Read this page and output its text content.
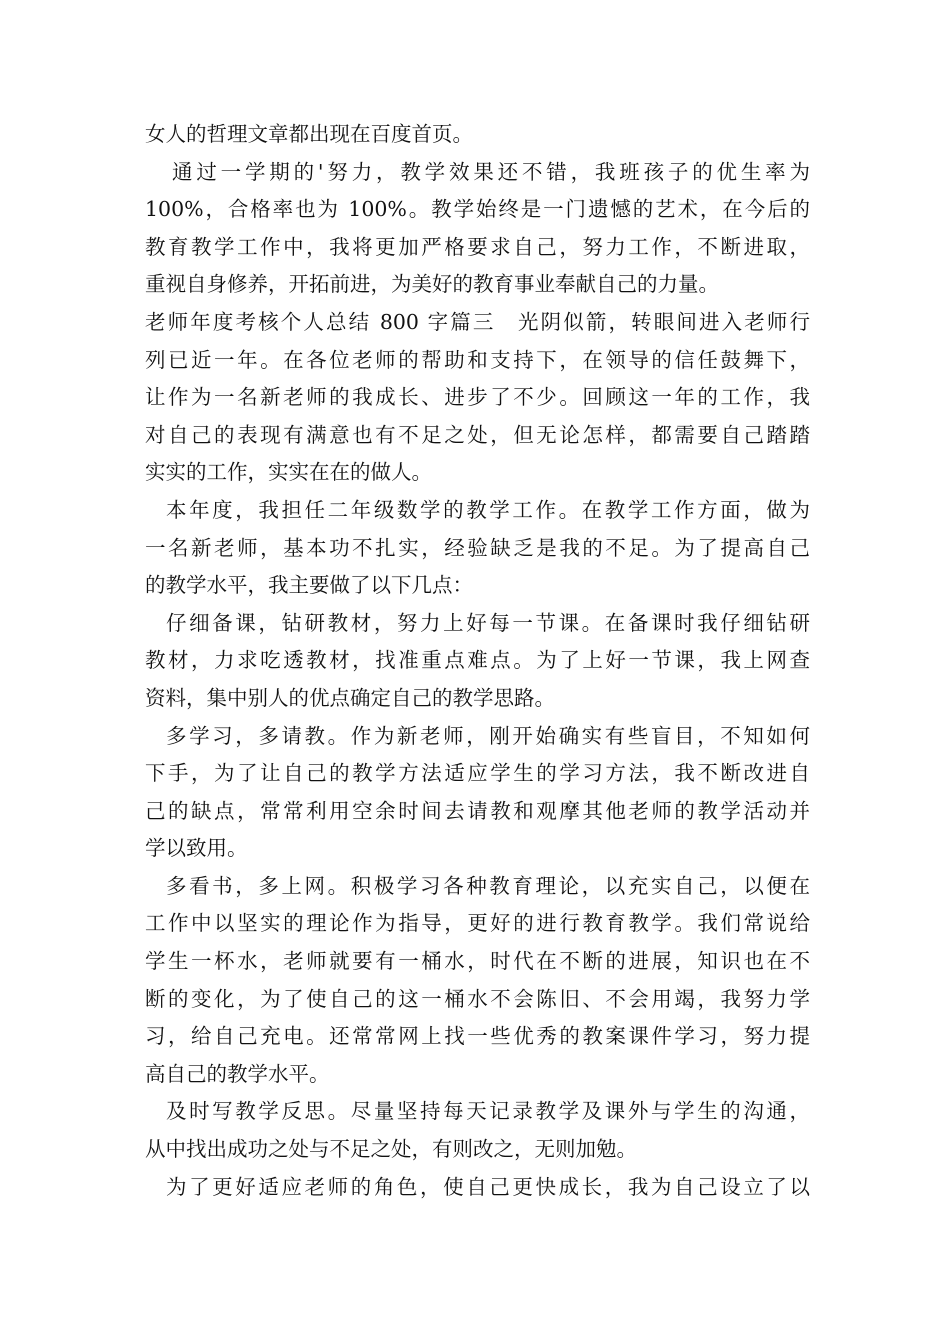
女人的哲理文章都出现在百度首页。

通过一学期的'努力，教学效果还不错，我班孩子的优生率为
100%，合格率也为 100%。教学始终是一门遗憾的艺术，在今后的
教育教学工作中，我将更加严格要求自己，努力工作，不断进取，
重视自身修养，开拓前进，为美好的教育事业奉献自己的力量。

老师年度考核个人总结 800 字篇三　光阴似箭，转眼间进入老师行
列已近一年。在各位老师的帮助和支持下，在领导的信任鼓舞下，
让作为一名新老师的我成长、进步了不少。回顾这一年的工作，我
对自己的表现有满意也有不足之处，但无论怎样，都需要自己踏踏
实实的工作，实实在在的做人。

本年度，我担任二年级数学的教学工作。在教学工作方面，做为
一名新老师，基本功不扎实，经验缺乏是我的不足。为了提高自己
的教学水平，我主要做了以下几点：

仔细备课，钻研教材，努力上好每一节课。在备课时我仔细钻研
教材，力求吃透教材，找准重点难点。为了上好一节课，我上网查
资料，集中别人的优点确定自己的教学思路。

多学习，多请教。作为新老师，刚开始确实有些盲目，不知如何
下手，为了让自己的教学方法适应学生的学习方法，我不断改进自
己的缺点，常常利用空余时间去请教和观摩其他老师的教学活动并
学以致用。

多看书，多上网。积极学习各种教育理论，以充实自己，以便在
工作中以坚实的理论作为指导，更好的进行教育教学。我们常说给
学生一杯水，老师就要有一桶水，时代在不断的进展，知识也在不
断的变化，为了使自己的这一桶水不会陈旧、不会用竭，我努力学
习，给自己充电。还常常网上找一些优秀的教案课件学习，努力提
高自己的教学水平。

及时写教学反思。尽量坚持每天记录教学及课外与学生的沟通，
从中找出成功之处与不足之处，有则改之，无则加勉。

为了更好适应老师的角色，使自己更快成长，我为自己设立了以
